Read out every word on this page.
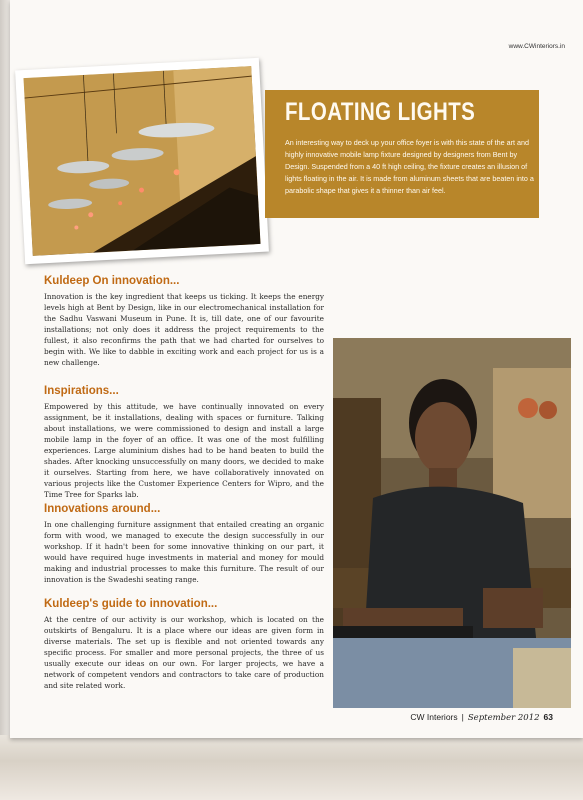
www.CWinteriors.in
FLOATING LIGHTS
An interesting way to deck up your office foyer is with this state of the art and highly innovative mobile lamp fixture designed by designers from Bent by Design. Suspended from a 40 ft high ceiling, the fixture creates an illusion of lights floating in the air. It is made from aluminum sheets that are beaten into a parabolic shape that gives it a thinner than air feel.
Kuldeep On innovation...
Innovation is the key ingredient that keeps us ticking. It keeps the energy levels high at Bent by Design, like in our electromechanical installation for the Sadhu Vaswani Museum in Pune. It is, till date, one of our favourite installations; not only does it address the project requirements to the fullest, it also reconfirms the path that we had charted for ourselves to begin with. We like to dabble in exciting work and each project for us is a new challenge.
Inspirations...
Empowered by this attitude, we have continually innovated on every assignment, be it installations, dealing with spaces or furniture. Talking about installations, we were commissioned to design and install a large mobile lamp in the foyer of an office. It was one of the most fulfilling experiences. Large aluminium dishes had to be hand beaten to build the shades. After knocking unsuccessfully on many doors, we decided to make it ourselves. Starting from here, we have collaboratively innovated on various projects like the Customer Experience Centers for Wipro, and the Time Tree for Sparks lab.
Innovations around...
In one challenging furniture assignment that entailed creating an organic form with wood, we managed to execute the design successfully in our workshop. If it hadn't been for some innovative thinking on our part, it would have required huge investments in material and money for mould making and industrial processes to make this furniture. The result of our innovation is the Swadeshi seating range.
Kuldeep's guide to innovation...
At the centre of our activity is our workshop, which is located on the outskirts of Bengaluru. It is a place where our ideas are given form in diverse materials. The set up is flexible and not oriented towards any specific process. For smaller and more personal projects, the three of us usually execute our ideas on our own. For larger projects, we have a network of competent vendors and contractors to take care of production and site related work.
CW Interiors | September 2012 63
